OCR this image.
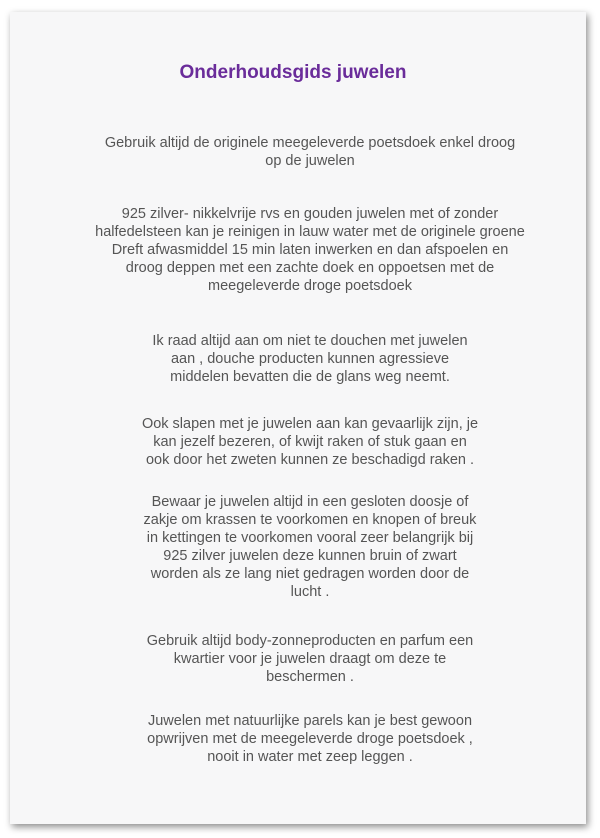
Onderhoudsgids juwelen

Gebruik altijd de originele meegeleverde poetsdoek enkel droog
op de juwelen

925 zilver- nikkelvrije rvs en gouden juwelen met of zonder
halfedelsteen kan je reinigen in lauw water met de originele groene
Dreft afwasmiddel 15 min laten inwerken en dan afspoelen en
droog deppen met een zachte doek en oppoetsen met de
meegeleverde droge poetsdoek

Ik raad altijd aan om niet te douchen met juwelen
aan , douche producten kunnen agressieve
middelen bevatten die de glans weg neemt.

Ook slapen met je juwelen aan kan gevaarlijk zijn, je
kan jezelf bezeren, of kwijt raken of stuk gaan en
ook door het zweten kunnen ze beschadigd raken .

Bewaar je juwelen altijd in een gesloten doosje of
zakje om krassen te voorkomen en knopen of breuk
in kettingen te voorkomen vooral zeer belangrijk bij
925 zilver juwelen deze kunnen bruin of zwart
worden als ze lang niet gedragen worden door de
lucht .

Gebruik altijd body-zonneproducten en parfum een
kwartier voor je juwelen draagt om deze te
beschermen .

Juwelen met natuurlijke parels kan je best gewoon
opwrijven met de meegeleverde droge poetsdoek ,
nooit in water met zeep leggen .
